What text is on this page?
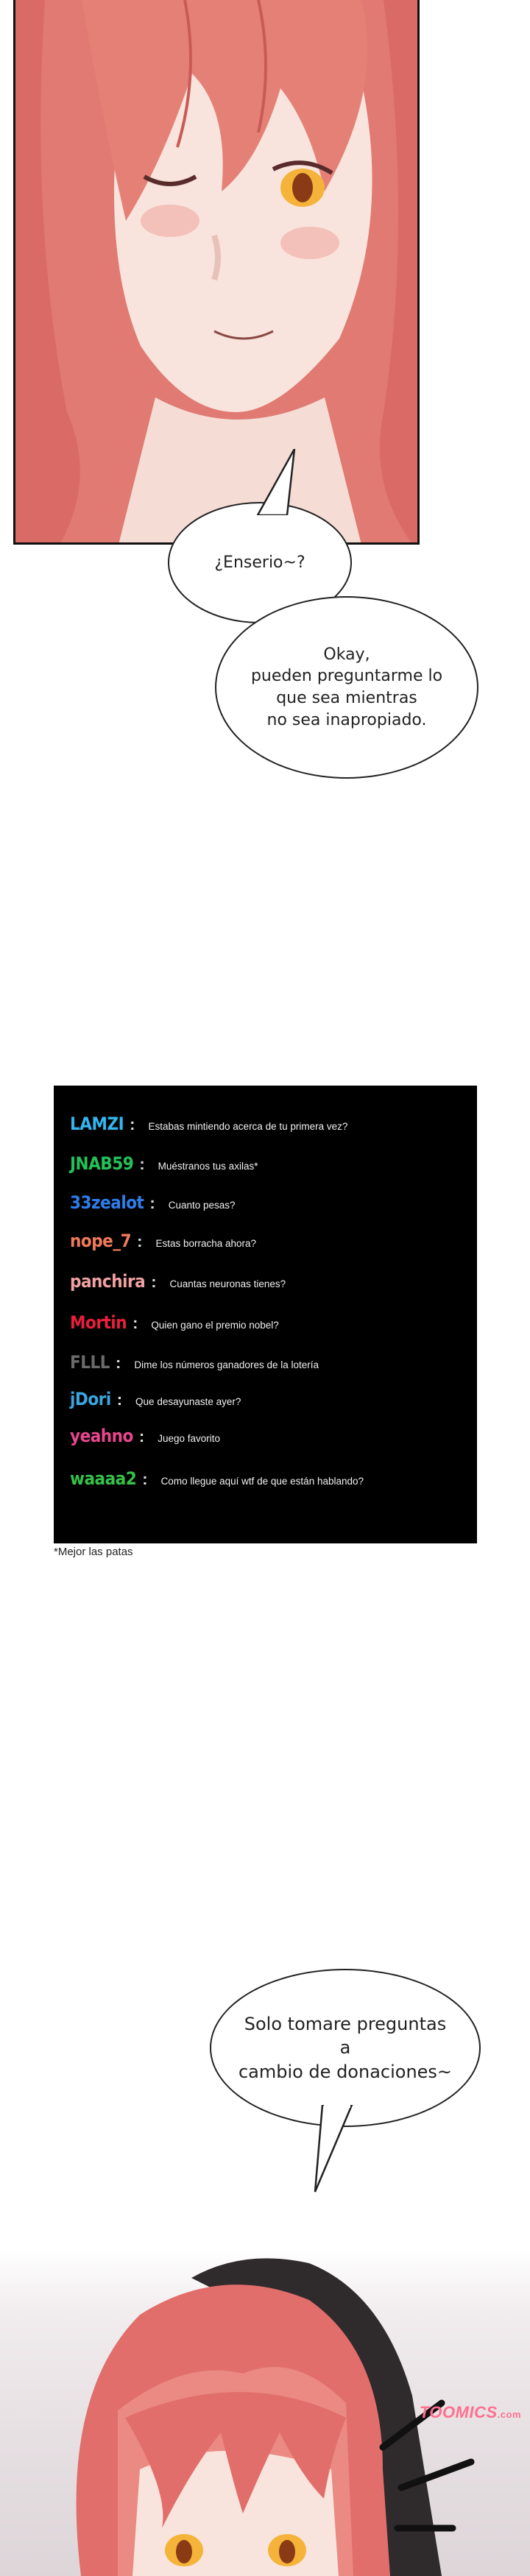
¿Enserio~?
Okay,
pueden preguntarme lo
que sea mientras
no sea inapropiado.
LAMZI : Estabas mintiendo acerca de tu primera vez?
JNAB59 : Muéstranos tus axilas*
33zealot : Cuanto pesas?
nope_7 : Estas borracha ahora?
panchira : Cuantas neuronas tienes?
Mortin : Quien gano el premio nobel?
FLLL : Dime los números ganadores de la lotería
jDori : Que desayunaste ayer?
yeahno : Juego favorito
waaaa2 : Como llegue aquí wtf de que están hablando?
*Mejor las patas
Solo tomare preguntas
a
cambio de donaciones~
TOOMICS.com
